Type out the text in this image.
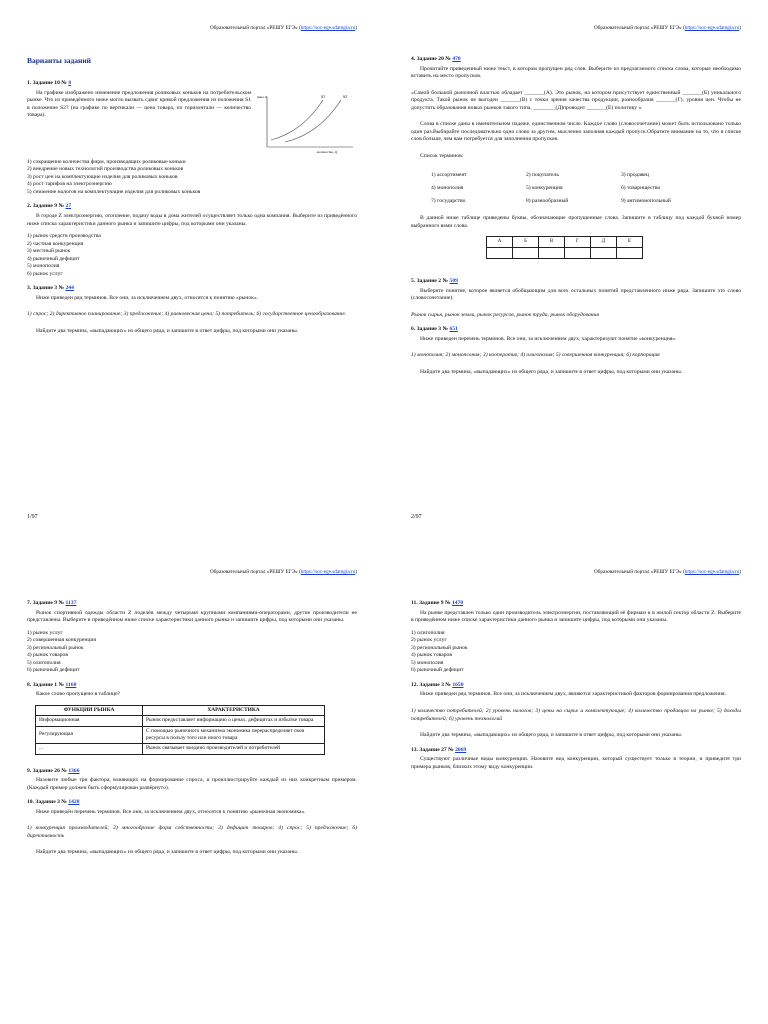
Образовательный портал «РЕШУ ЕГЭ» (https://soc-ege.sdamgia.ru)
Варианты заданий
1. Задание 10 № 8

На графике изображено изменение предложения роликовых коньков на потребительском рынке. Что из приведённого ниже могло вызвать сдвиг кривой предложения из положения S1 в положение S2? (на графике по вертикали — цена товара, по горизонтали — количество товара).

цена, P
количество, Q
S1	S2
1) сокращение количества фирм, производящих роликовые коньки
2) внедрение новых технологий производства роликовых коньков
3) рост цен на комплектующие изделия для роликовых коньков
4) рост тарифов на электроэнергию
5) снижение налогов на комплектующие изделия для роликовых коньков
2. Задание 9 № 27

В городе Z электроэнергию, отопление, подачу воды в дома жителей осуществляет только одна компания. Выберите из приведённого ниже списка характеристики данного рынка и запишите цифры, под которыми они указаны.

1) рынок средств производства
2) частная конкуренция
3) местный рынок
4) рыночный дефицит
5) монополия
6) рынок услуг
3. Задание 3 № 244

Ниже приведен ряд терминов. Все они, за исключением двух, относятся к понятию «рынок».

1) спрос; 2) директивное планирование; 3) предложение; 4) равновесная цена; 5) потребитель; 6) государственное ценообразование.

Найдите два термина, «выпадающих» из общего ряда, и запишите в ответ цифры, под которыми они указаны.

1/97
Образовательный портал «РЕШУ ЕГЭ» (https://soc-ege.sdamgia.ru)
4. Задание 20 № 470

Прочитайте приведенный ниже текст, в котором пропущен ряд слов. Выберите из предлагаемого списка слова, которые необходимо вставить на место пропусков.

«Самой большой рыночной властью обладает _______(А). Это рынок, на котором присутствует единственный _______(Б) уникального продукта. Такой рынок не выгоден _______(В) с точки зрения качества продукции, разнообразия _______(Г), уровня цен. Чтобы не допустить образования новых рынков такого типа, ________(Д)проводит _______(Е) политику ».

Слова в списке даны в именительном падеже, единственном числе. Каждое слово (словосочетание) может быть использовано только один раз.Выбирайте последовательно одно слово за другим, мысленно заполняя каждый пропуск.Обратите внимание на то, что в списке слов больше, чем вам потребуется для заполнения пропусков.

Список терминов:

1) ассортимент	2) покупатель	3) продавец
4) монополия	5) конкуренция	6) товарищество
7) государство	8) разнообразный	9) антимонопольный

В данной ниже таблице приведены буквы, обозначающие пропущенные слова. Запишите в таблицу под каждой буквой номер выбранного вами слова.

А	Б	В	Г	Д	Е

5. Задание 2 № 509

Выберите понятие, которое является обобщающим для всех остальных понятий представленного ниже ряда. Запишите это слово (словосочетание).

Рынок сырья, рынок земли, рынок ресурсов, рынок труда, рынок оборудования

6. Задание 3 № 651

Ниже приведен перечень терминов. Все они, за исключением двух, характеризуют понятие «конкуренция».

1) монополия; 2) монопсония; 3) кооператив; 4) олигополия; 5) совершенная конкуренция; 6) корпорация

Найдите два термина, «выпадающих» из общего ряда, и запишите в ответ цифры, под которыми они указаны.

2/97
Образовательный портал «РЕШУ ЕГЭ» (https://soc-ege.sdamgia.ru)
7. Задание 9 № 1137

Рынок спортивной одежды области Z поделён между четырьмя крупными компаниями-операторами, другие производители не представлены. Выберите в приведённом ниже списке характеристики данного рынка и запишите цифры, под которыми они указаны.

1) рынок услуг
2) совершенная конкуренция
3) региональный рынок
4) рынок товаров
5) олигополия
6) рыночный дефицит
8. Задание 1 № 1168

Какое слово пропущено в таблице?

ФУНКЦИИ РЫНКА	ХАРАКТЕРИСТИКА
Информационная	Рынок предоставляет информацию о ценах, дефицитах и избытке товара
Регулирующая	С помощью рыночного механизма экономика перераспределяет свои ресурсы в пользу того или иного товара
...	Рынок связывает воедино производителей и потребителей
9. Задание 26 № 1366

Назовите любые три фактора, влияющих на формирование спроса, и проиллюстрируйте каждый из них конкретным примером. (Каждый пример должен быть сформулирован развёрнуто).

10. Задание 3 № 1428

Ниже приведён перечень терминов. Все они, за исключением двух, относятся к понятию «рыночная экономика».

1) конкуренция производителей; 2) многообразие форм собственности; 3) дефицит товаров; 4) спрос; 5) предложение; 6) директивность

Найдите два термина, «выпадающих» из общего ряда, и запишите в ответ цифры, под которыми они указаны.

Образовательный портал «РЕШУ ЕГЭ» (https://soc-ege.sdamgia.ru)
11. Задание 9 № 1470

На рынке представлен только один производитель электроэнергии, поставляющий её фирмам и в жилой сектор области Z. Выберите в приведённом ниже списке характеристики данного рынка и запишите цифры, под которыми они указаны.

1) олигополия
2) рынок услуг
3) региональный рынок
4) рынок товаров
5) монополия
6) рыночный дефицит
12. Задание 3 № 1650

Ниже приведен ряд терминов. Все они, за исключением двух, являются характеристикой факторов формирования предложения.

1) количество потребителей; 2) уровень налогов; 3) цены на сырье и комплектующие; 4) количество продавцов на рынке; 5) доходы потребителей; 6) уровень технологий

Найдите два термина, «выпадающих» из общего ряда, и запишите в ответ цифры, под которыми они указаны.

13. Задание 27 № 2069

Существуют различные виды конкуренции. Назовите вид конкуренции, который существует только в теории, и приведите три примера рынков, близких этому виду конкуренции.
